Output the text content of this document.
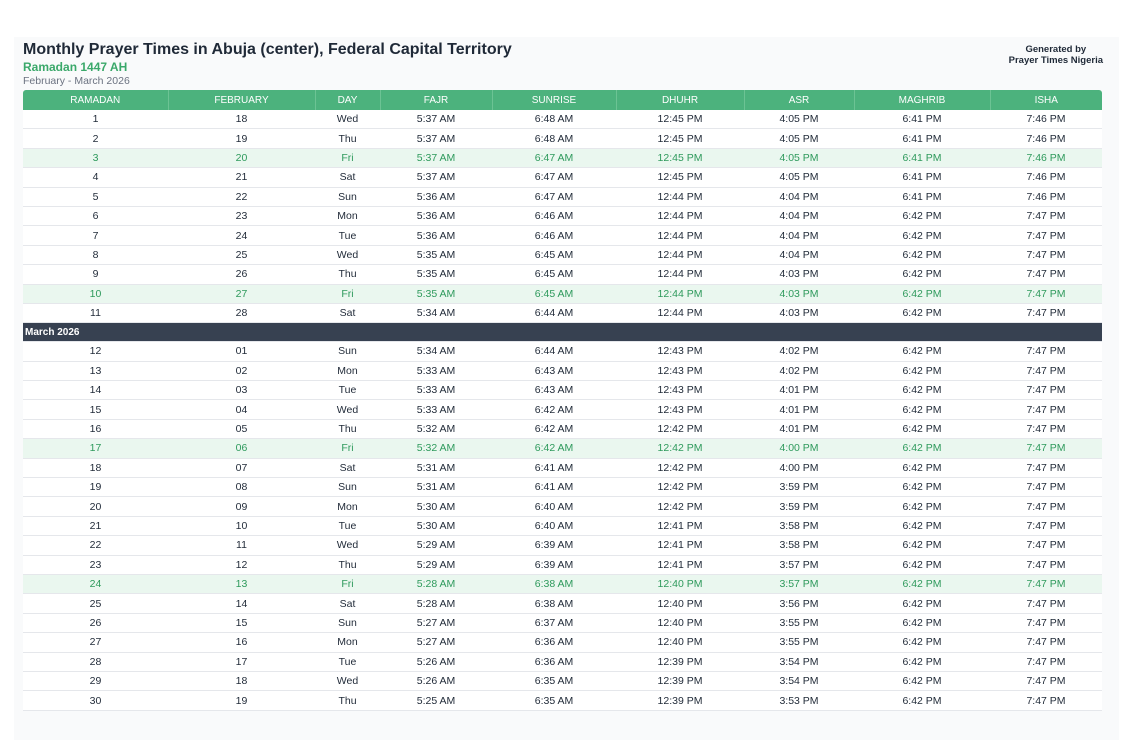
Monthly Prayer Times in Abuja (center), Federal Capital Territory
Ramadan 1447 AH
February - March 2026
Generated by
Prayer Times Nigeria
RAMADAN	FEBRUARY	DAY	FAJR	SUNRISE	DHUHR	ASR	MAGHRIB	ISHA
1	18	Wed	5:37 AM	6:48 AM	12:45 PM	4:05 PM	6:41 PM	7:46 PM
2	19	Thu	5:37 AM	6:48 AM	12:45 PM	4:05 PM	6:41 PM	7:46 PM
3	20	Fri	5:37 AM	6:47 AM	12:45 PM	4:05 PM	6:41 PM	7:46 PM
4	21	Sat	5:37 AM	6:47 AM	12:45 PM	4:05 PM	6:41 PM	7:46 PM
5	22	Sun	5:36 AM	6:47 AM	12:44 PM	4:04 PM	6:41 PM	7:46 PM
6	23	Mon	5:36 AM	6:46 AM	12:44 PM	4:04 PM	6:42 PM	7:47 PM
7	24	Tue	5:36 AM	6:46 AM	12:44 PM	4:04 PM	6:42 PM	7:47 PM
8	25	Wed	5:35 AM	6:45 AM	12:44 PM	4:04 PM	6:42 PM	7:47 PM
9	26	Thu	5:35 AM	6:45 AM	12:44 PM	4:03 PM	6:42 PM	7:47 PM
10	27	Fri	5:35 AM	6:45 AM	12:44 PM	4:03 PM	6:42 PM	7:47 PM
11	28	Sat	5:34 AM	6:44 AM	12:44 PM	4:03 PM	6:42 PM	7:47 PM
March 2026								
12	01	Sun	5:34 AM	6:44 AM	12:43 PM	4:02 PM	6:42 PM	7:47 PM
13	02	Mon	5:33 AM	6:43 AM	12:43 PM	4:02 PM	6:42 PM	7:47 PM
14	03	Tue	5:33 AM	6:43 AM	12:43 PM	4:01 PM	6:42 PM	7:47 PM
15	04	Wed	5:33 AM	6:42 AM	12:43 PM	4:01 PM	6:42 PM	7:47 PM
16	05	Thu	5:32 AM	6:42 AM	12:42 PM	4:01 PM	6:42 PM	7:47 PM
17	06	Fri	5:32 AM	6:42 AM	12:42 PM	4:00 PM	6:42 PM	7:47 PM
18	07	Sat	5:31 AM	6:41 AM	12:42 PM	4:00 PM	6:42 PM	7:47 PM
19	08	Sun	5:31 AM	6:41 AM	12:42 PM	3:59 PM	6:42 PM	7:47 PM
20	09	Mon	5:30 AM	6:40 AM	12:42 PM	3:59 PM	6:42 PM	7:47 PM
21	10	Tue	5:30 AM	6:40 AM	12:41 PM	3:58 PM	6:42 PM	7:47 PM
22	11	Wed	5:29 AM	6:39 AM	12:41 PM	3:58 PM	6:42 PM	7:47 PM
23	12	Thu	5:29 AM	6:39 AM	12:41 PM	3:57 PM	6:42 PM	7:47 PM
24	13	Fri	5:28 AM	6:38 AM	12:40 PM	3:57 PM	6:42 PM	7:47 PM
25	14	Sat	5:28 AM	6:38 AM	12:40 PM	3:56 PM	6:42 PM	7:47 PM
26	15	Sun	5:27 AM	6:37 AM	12:40 PM	3:55 PM	6:42 PM	7:47 PM
27	16	Mon	5:27 AM	6:36 AM	12:40 PM	3:55 PM	6:42 PM	7:47 PM
28	17	Tue	5:26 AM	6:36 AM	12:39 PM	3:54 PM	6:42 PM	7:47 PM
29	18	Wed	5:26 AM	6:35 AM	12:39 PM	3:54 PM	6:42 PM	7:47 PM
30	19	Thu	5:25 AM	6:35 AM	12:39 PM	3:53 PM	6:42 PM	7:47 PM
